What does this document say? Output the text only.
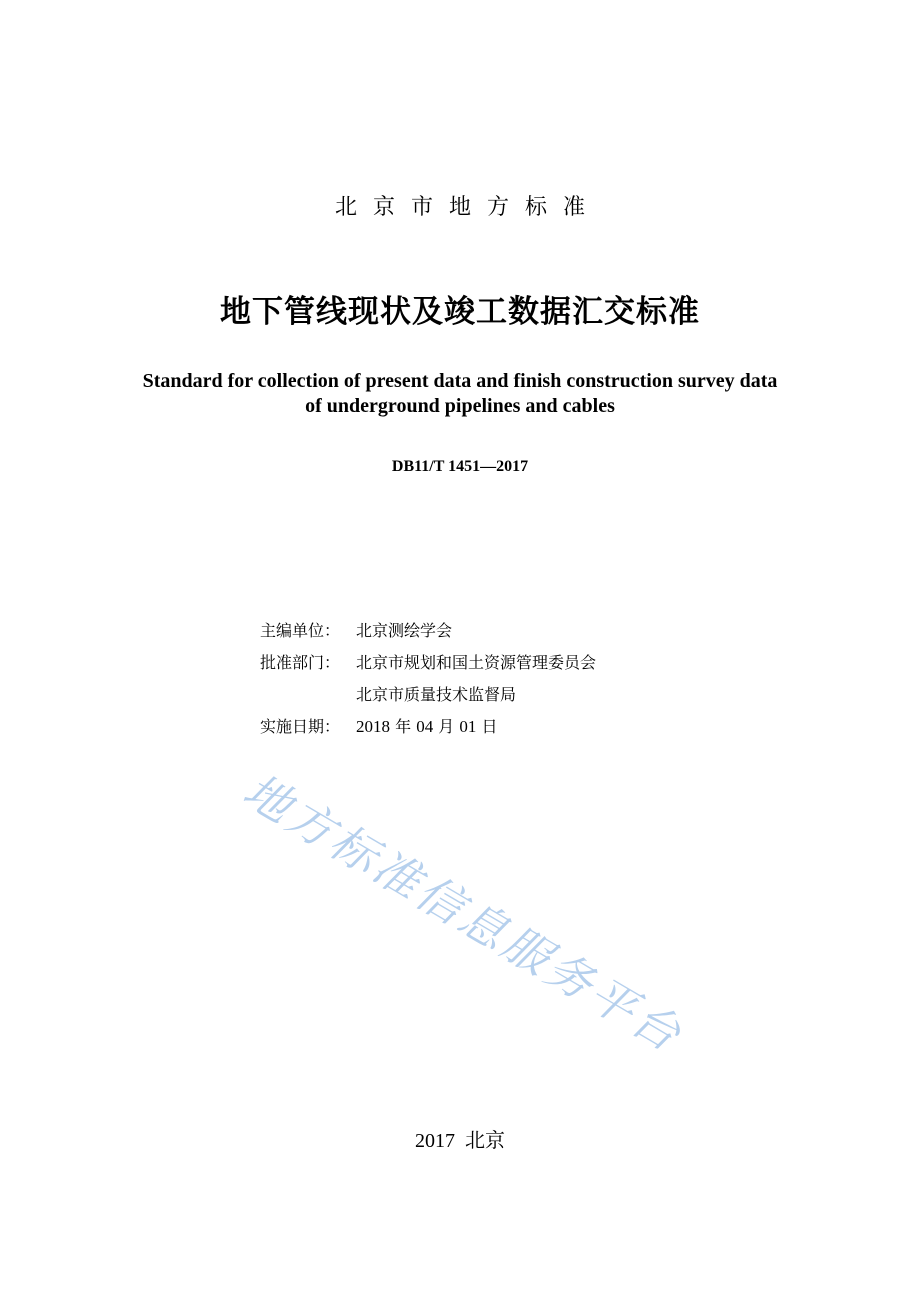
北京市地方标准
地下管线现状及竣工数据汇交标准
Standard for collection of present data and finish construction survey data
of underground pipelines and cables
DB11/T 1451—2017
主编单位： 北京测绘学会
批准部门： 北京市规划和国土资源管理委员会
北京市质量技术监督局
实施日期： 2018 年 04 月 01 日
地方标准信息服务平台
2017 北京
